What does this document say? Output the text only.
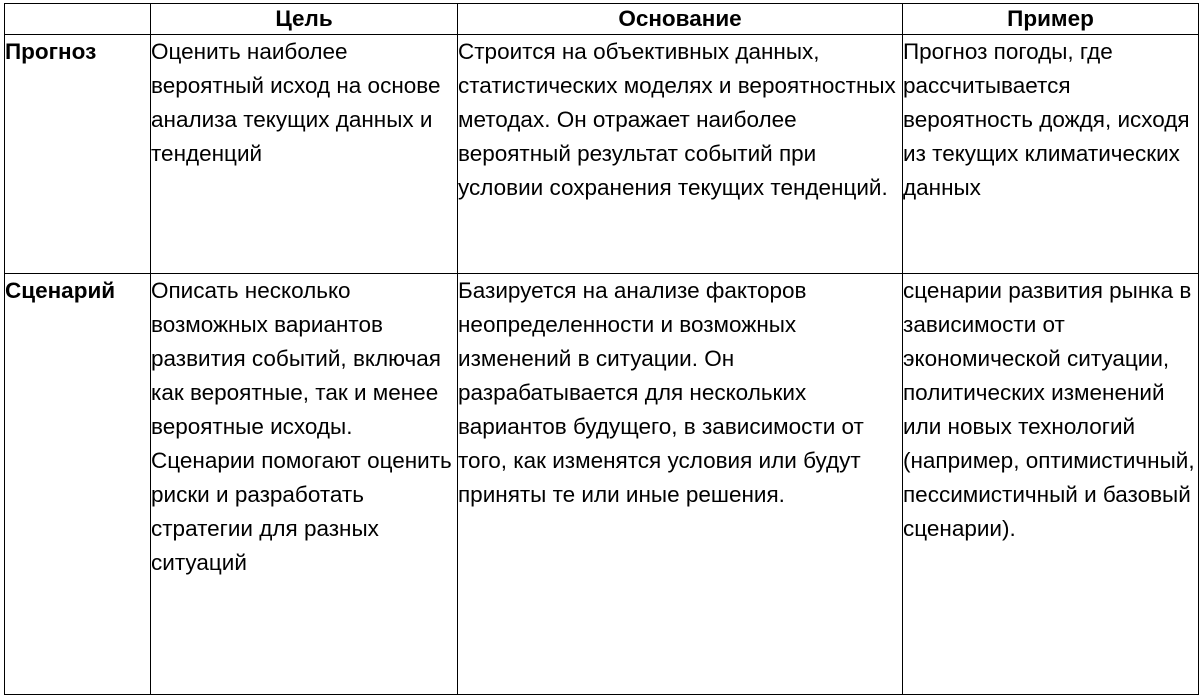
	Цель	Основание	Пример
Прогноз	Оценить наиболее вероятный исход на основе анализа текущих данных и тенденций	Строится на объективных данных, статистических моделях и вероятностных методах. Он отражает наиболее вероятный результат событий при условии сохранения текущих тенденций.	Прогноз погоды, где рассчитывается вероятность дождя, исходя из текущих климатических данных
Сценарий	Описать несколько возможных вариантов развития событий, включая как вероятные, так и менее вероятные исходы. Сценарии помогают оценить риски и разработать стратегии для разных ситуаций	Базируется на анализе факторов неопределенности и возможных изменений в ситуации. Он разрабатывается для нескольких вариантов будущего, в зависимости от того, как изменятся условия или будут приняты те или иные решения.	сценарии развития рынка в зависимости от экономической ситуации, политических изменений или новых технологий (например, оптимистичный, пессимистичный и базовый сценарии).
